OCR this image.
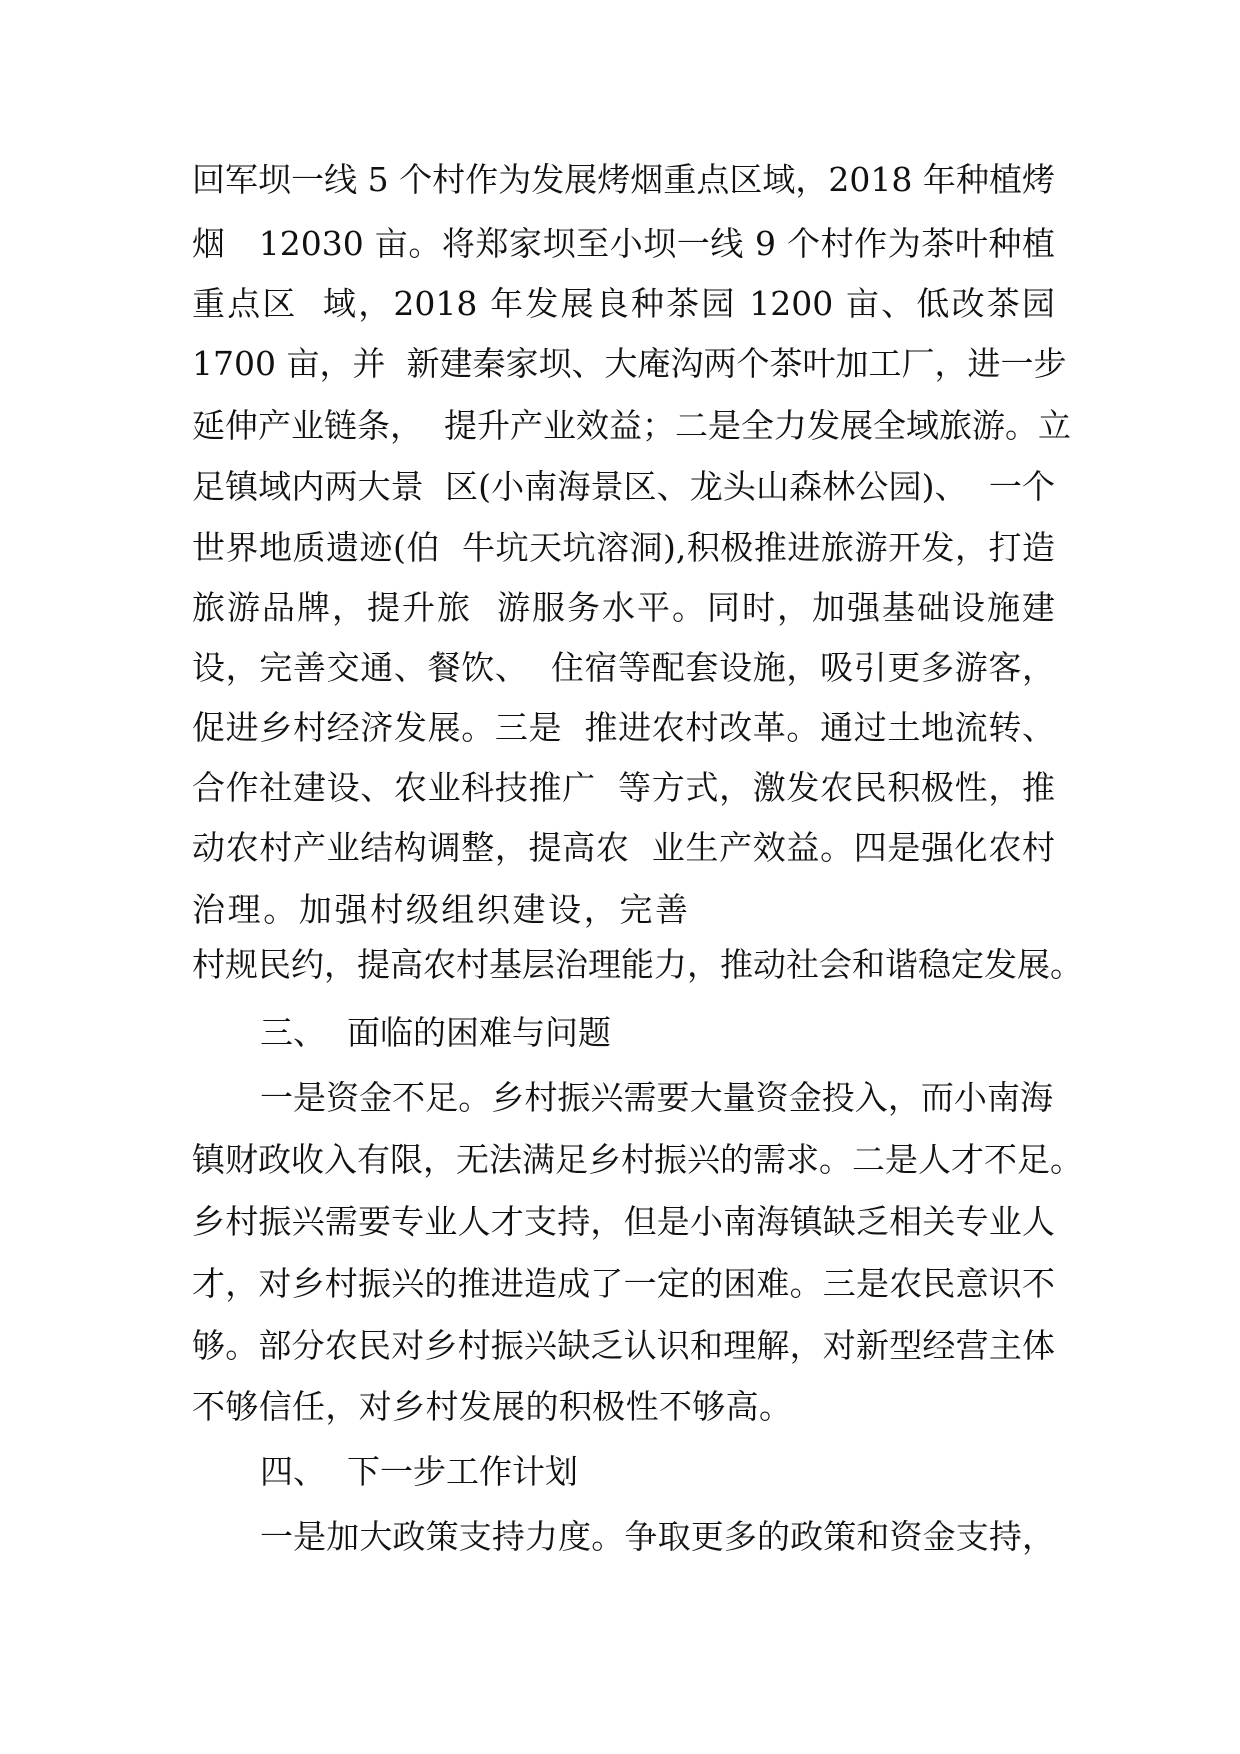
回军坝一线 5 个村作为发展烤烟重点区域，2018 年种植烤

烟   12030 亩。将郑家坝至小坝一线 9 个村作为茶叶种植

重点区  域，2018 年发展良种茶园 1200 亩、低改茶园

1700 亩，并  新建秦家坝、大庵沟两个茶叶加工厂，进一步

延伸产业链条，  提升产业效益；二是全力发展全域旅游。立

足镇域内两大景  区(小南海景区、龙头山森林公园)、  一个

世界地质遗迹(伯  牛坑天坑溶洞),积极推进旅游开发，打造

旅游品牌，提升旅  游服务水平。同时，加强基础设施建

设，完善交通、餐饮、  住宿等配套设施，吸引更多游客，

促进乡村经济发展。三是  推进农村改革。通过土地流转、

合作社建设、农业科技推广  等方式，激发农民积极性，推

动农村产业结构调整，提高农  业生产效益。四是强化农村

治理。加强村级组织建设，完善

村规民约，提高农村基层治理能力，推动社会和谐稳定发展。

三、  面临的困难与问题

一是资金不足。乡村振兴需要大量资金投入，而小南海

镇财政收入有限，无法满足乡村振兴的需求。二是人才不足。

乡村振兴需要专业人才支持，但是小南海镇缺乏相关专业人

才，对乡村振兴的推进造成了一定的困难。三是农民意识不

够。部分农民对乡村振兴缺乏认识和理解，对新型经营主体

不够信任，对乡村发展的积极性不够高。

四、  下一步工作计划

一是加大政策支持力度。争取更多的政策和资金支持，
